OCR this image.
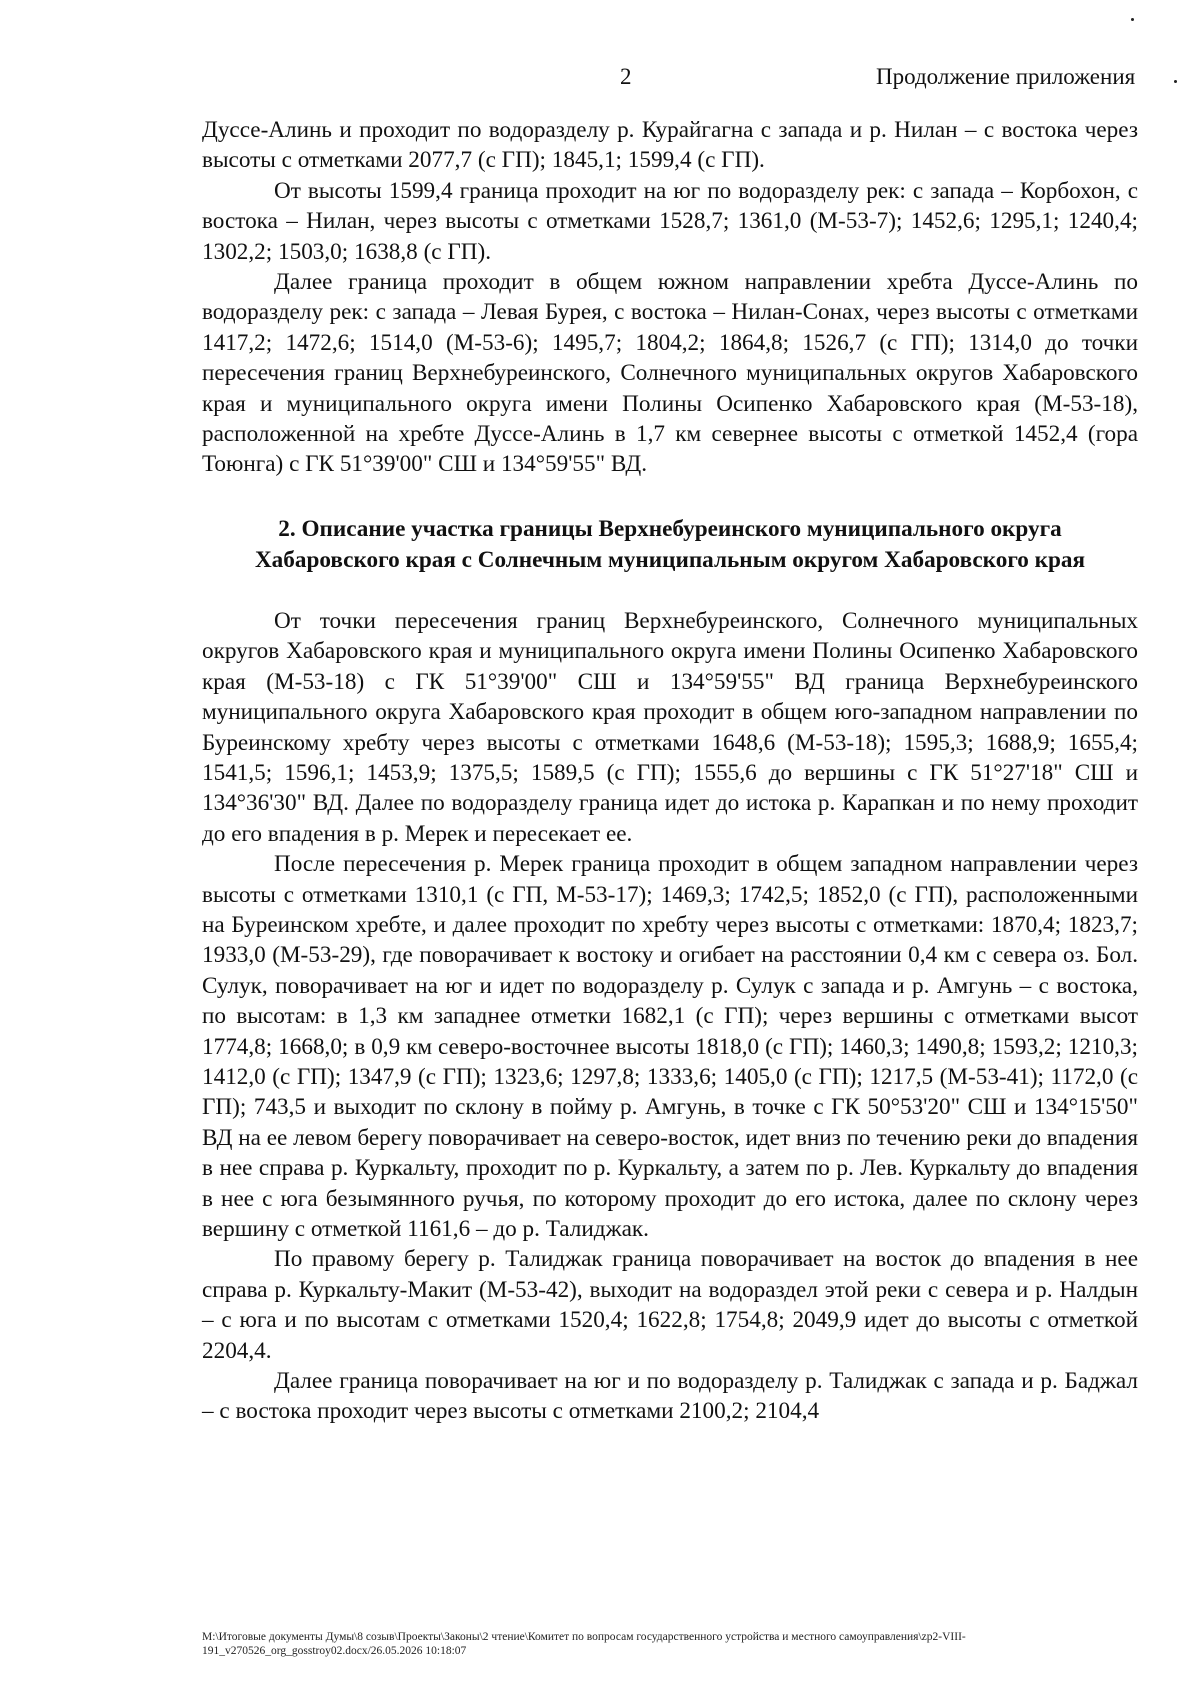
2	Продолжение приложения

Дуссе-Алинь и проходит по водоразделу р. Курайгагна с запада и р. Нилан – с востока через высоты с отметками 2077,7 (с ГП); 1845,1; 1599,4 (с ГП).

От высоты 1599,4 граница проходит на юг по водоразделу рек: с запада – Корбохон, с востока – Нилан, через высоты с отметками 1528,7; 1361,0 (М-53-7); 1452,6; 1295,1; 1240,4; 1302,2; 1503,0; 1638,8 (с ГП).

Далее граница проходит в общем южном направлении хребта Дуссе-Алинь по водоразделу рек: с запада – Левая Бурея, с востока – Нилан-Сонах, через высоты с отметками 1417,2; 1472,6; 1514,0 (М-53-6); 1495,7; 1804,2; 1864,8; 1526,7 (с ГП); 1314,0 до точки пересечения границ Верхнебуреинского, Солнечного муниципальных округов Хабаровского края и муниципального округа имени Полины Осипенко Хабаровского края (М-53-18), расположенной на хребте Дуссе-Алинь в 1,7 км севернее высоты с отметкой 1452,4 (гора Тоюнга) с ГК 51°39'00" СШ и 134°59'55" ВД.

2. Описание участка границы Верхнебуреинского муниципального округа Хабаровского края с Солнечным муниципальным округом Хабаровского края

От точки пересечения границ Верхнебуреинского, Солнечного муниципальных округов Хабаровского края и муниципального округа имени Полины Осипенко Хабаровского края (М-53-18) с ГК 51°39'00" СШ и 134°59'55" ВД граница Верхнебуреинского муниципального округа Хабаровского края проходит в общем юго-западном направлении по Буреинскому хребту через высоты с отметками 1648,6 (М-53-18); 1595,3; 1688,9; 1655,4; 1541,5; 1596,1; 1453,9; 1375,5; 1589,5 (с ГП); 1555,6 до вершины с ГК 51°27'18" СШ и 134°36'30" ВД. Далее по водоразделу граница идет до истока р. Карапкан и по нему проходит до его впадения в р. Мерек и пересекает ее.

После пересечения р. Мерек граница проходит в общем западном направлении через высоты с отметками 1310,1 (с ГП, М-53-17); 1469,3; 1742,5; 1852,0 (с ГП), расположенными на Буреинском хребте, и далее проходит по хребту через высоты с отметками: 1870,4; 1823,7; 1933,0 (М-53-29), где поворачивает к востоку и огибает на расстоянии 0,4 км с севера оз. Бол. Сулук, поворачивает на юг и идет по водоразделу р. Сулук с запада и р. Амгунь – с востока, по высотам: в 1,3 км западнее отметки 1682,1 (с ГП); через вершины с отметками высот 1774,8; 1668,0; в 0,9 км северо-восточнее высоты 1818,0 (с ГП); 1460,3; 1490,8; 1593,2; 1210,3; 1412,0 (с ГП); 1347,9 (с ГП); 1323,6; 1297,8; 1333,6; 1405,0 (с ГП); 1217,5 (М-53-41); 1172,0 (с ГП); 743,5 и выходит по склону в пойму р. Амгунь, в точке с ГК 50°53'20" СШ и 134°15'50" ВД на ее левом берегу поворачивает на северо-восток, идет вниз по течению реки до впадения в нее справа р. Куркальту, проходит по р. Куркальту, а затем по р. Лев. Куркальту до впадения в нее с юга безымянного ручья, по которому проходит до его истока, далее по склону через вершину с отметкой 1161,6 – до р. Талиджак.

По правому берегу р. Талиджак граница поворачивает на восток до впадения в нее справа р. Куркальту-Макит (М-53-42), выходит на водораздел этой реки с севера и р. Налдын – с юга и по высотам с отметками 1520,4; 1622,8; 1754,8; 2049,9 идет до высоты с отметкой 2204,4.

Далее граница поворачивает на юг и по водоразделу р. Талиджак с запада и р. Баджал – с востока проходит через высоты с отметками 2100,2; 2104,4

M:\Итоговые документы Думы\8 созыв\Проекты\Законы\2 чтение\Комитет по вопросам государственного устройства и местного самоуправления\zp2-VIII-191_v270526_org_gosstroy02.docx/26.05.2026 10:18:07
